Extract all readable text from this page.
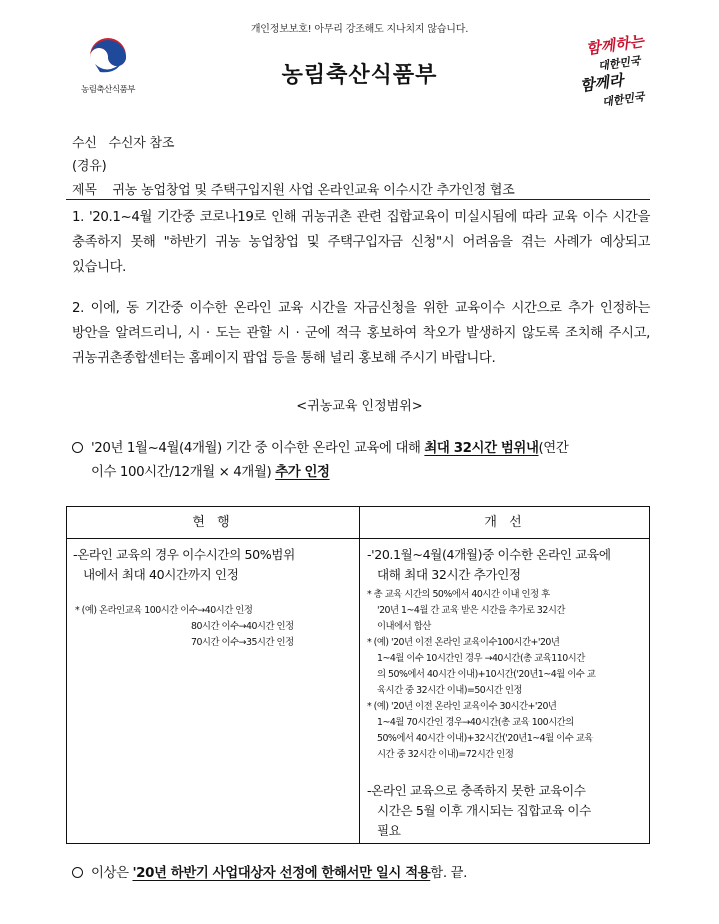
개인정보보호! 아무리 강조해도 지나치지 않습니다.
농림축산식품부
농림축산식품부
함께하는
대한민국
함께라
대한민국
수신 수신자 참조
(경유)
제목 귀농 농업창업 및 주택구입지원 사업 온라인교육 이수시간 추가인정 협조
1. '20.1~4월 기간중 코로나19로 인해 귀농귀촌 관련 집합교육이 미실시됨에 따라 교육 이수 시간을 충족하지 못해 "하반기 귀농 농업창업 및 주택구입자금 신청"시 어려움을 겪는 사례가 예상되고 있습니다.
2. 이에, 동 기간중 이수한 온라인 교육 시간을 자금신청을 위한 교육이수 시간으로 추가 인정하는 방안을 알려드리니, 시 · 도는 관할 시 · 군에 적극 홍보하여 착오가 발생하지 않도록 조치해 주시고, 귀농귀촌종합센터는 홈페이지 팝업 등을 통해 널리 홍보해 주시기 바랍니다.
<귀농교육 인정범위>
'20년 1월~4월(4개월) 기간 중 이수한 온라인 교육에 대해 최대 32시간 범위내(연간
이수 100시간/12개월 × 4개월) 추가 인정
현 행	개 선
-온라인 교육의 경우 이수시간의 50%범위
내에서 최대 40시간까지 인정
* (예) 온라인교육 100시간 이수→40시간 인정
80시간 이수→40시간 인정
70시간 이수→35시간 인정
-'20.1월~4월(4개월)중 이수한 온라인 교육에
대해 최대 32시간 추가인정
* 총 교육 시간의 50%에서 40시간 이내 인정 후
'20년 1~4월 간 교육 받은 시간을 추가로 32시간
이내에서 합산
* (예) '20년 이전 온라인 교육이수100시간+'20년
1~4월 이수 10시간인 경우 →40시간(총 교육110시간
의 50%에서 40시간 이내)+10시간('20년1~4월 이수 교
육시간 중 32시간 이내)=50시간 인정
* (예) '20년 이전 온라인 교육이수 30시간+'20년
1~4월 70시간인 경우→40시간(총 교육 100시간의
50%에서 40시간 이내)+32시간('20년1~4월 이수 교육
시간 중 32시간 이내)=72시간 인정
-온라인 교육으로 충족하지 못한 교육이수
시간은 5월 이후 개시되는 집합교육 이수
필요
이상은 '20년 하반기 사업대상자 선정에 한해서만 일시 적용함. 끝.
